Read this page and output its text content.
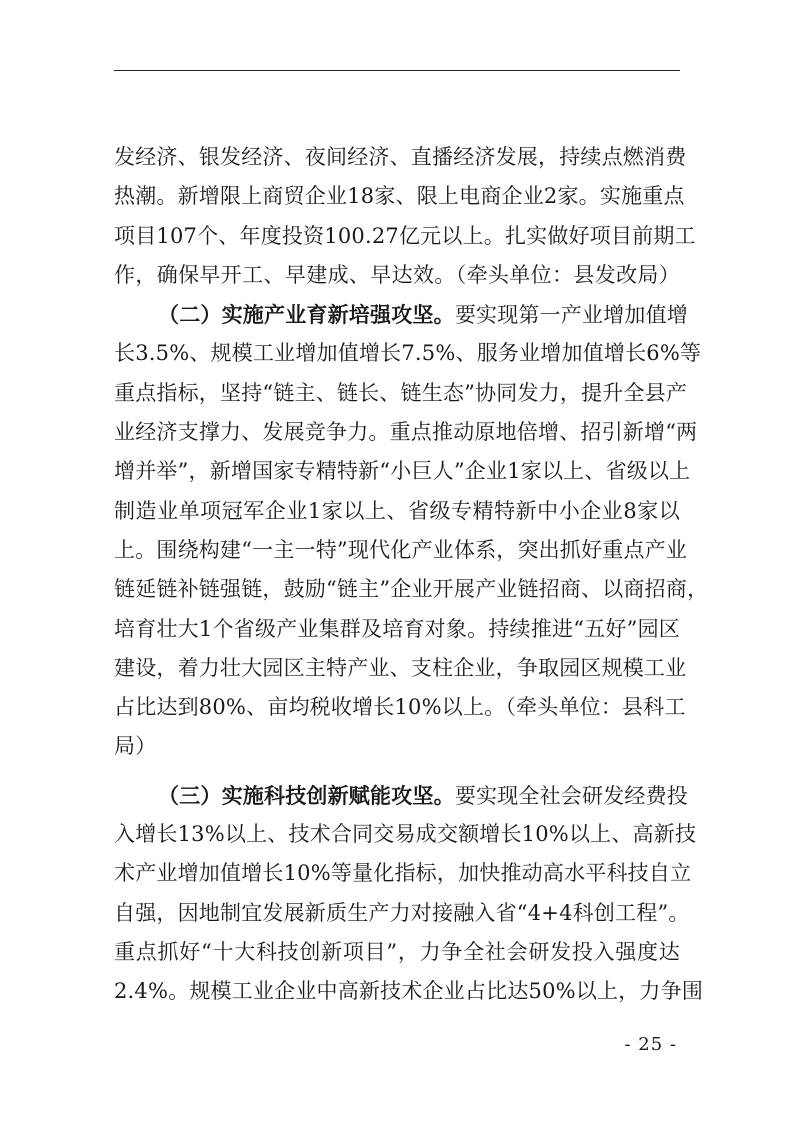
发经济、银发经济、夜间经济、直播经济发展，持续点燃消费
热潮。新增限上商贸企业18家、限上电商企业2家。实施重点
项目107个、年度投资100.27亿元以上。扎实做好项目前期工
作，确保早开工、早建成、早达效。（牵头单位：县发改局）
（二）实施产业育新培强攻坚。要实现第一产业增加值增
长3.5%、规模工业增加值增长7.5%、服务业增加值增长6%等
重点指标，坚持“链主、链长、链生态”协同发力，提升全县产
业经济支撑力、发展竞争力。重点推动原地倍增、招引新增“两
增并举”，新增国家专精特新“小巨人”企业1家以上、省级以上
制造业单项冠军企业1家以上、省级专精特新中小企业8家以
上。围绕构建“一主一特”现代化产业体系，突出抓好重点产业
链延链补链强链，鼓励“链主”企业开展产业链招商、以商招商，
培育壮大1个省级产业集群及培育对象。持续推进“五好”园区
建设，着力壮大园区主特产业、支柱企业，争取园区规模工业
占比达到80%、亩均税收增长10%以上。（牵头单位：县科工
局）
（三）实施科技创新赋能攻坚。要实现全社会研发经费投
入增长13%以上、技术合同交易成交额增长10%以上、高新技
术产业增加值增长10%等量化指标，加快推动高水平科技自立
自强，因地制宜发展新质生产力对接融入省“4+4科创工程”。
重点抓好“十大科技创新项目”，力争全社会研发投入强度达
2.4%。规模工业企业中高新技术企业占比达50%以上，力争围
- 25 -
